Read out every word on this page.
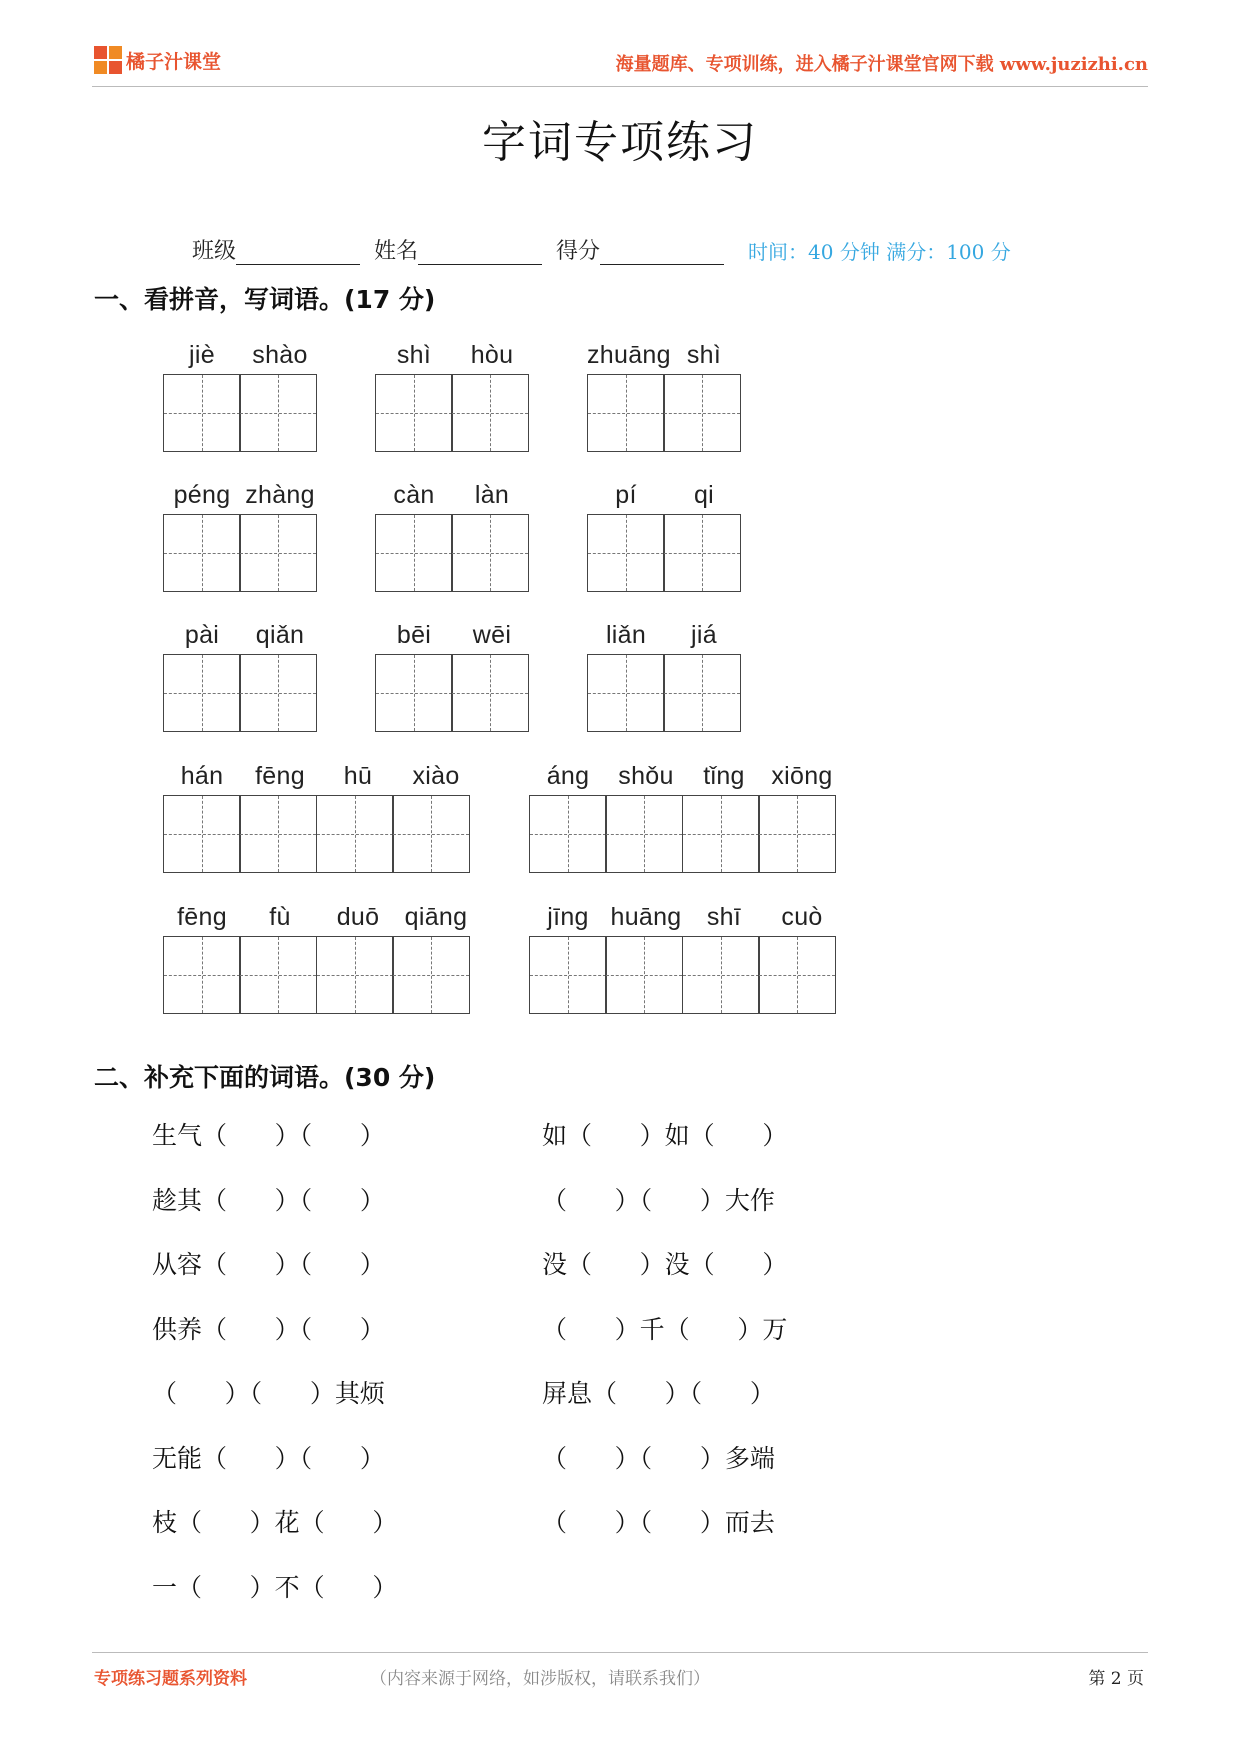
橘子汁课堂	海量题库、专项训练，进入橘子汁课堂官网下载 www.juzizhi.cn
字词专项练习
班级	姓名	得分	时间：40 分钟 满分：100 分
一、看拼音，写词语。(17 分)
jiè	shào	shì	hòu	zhuāng shì
péng zhàng	càn	làn	pí	qi
pài	qiǎn	bēi	wēi	liǎn	jiá
hán	fēng	hū	xiào	áng	shǒu	tǐng	xiōng
fēng	fù	duō	qiāng	jīng huāng	shī	cuò
二、补充下面的词语。(30 分)
生气（      ）（      ）	如（      ）如（      ）
趁其（      ）（      ）	（      ）（      ）大作
从容（      ）（      ）	没（      ）没（      ）
供养（      ）（      ）	（      ）千（      ）万
（      ）（      ）其烦	屏息（      ）（      ）
无能（      ）（      ）	（      ）（      ）多端
枝（      ）花（      ）	（      ）（      ）而去
一（      ）不（      ）
专项练习题系列资料	（内容来源于网络，如涉版权，请联系我们）	第 2 页
